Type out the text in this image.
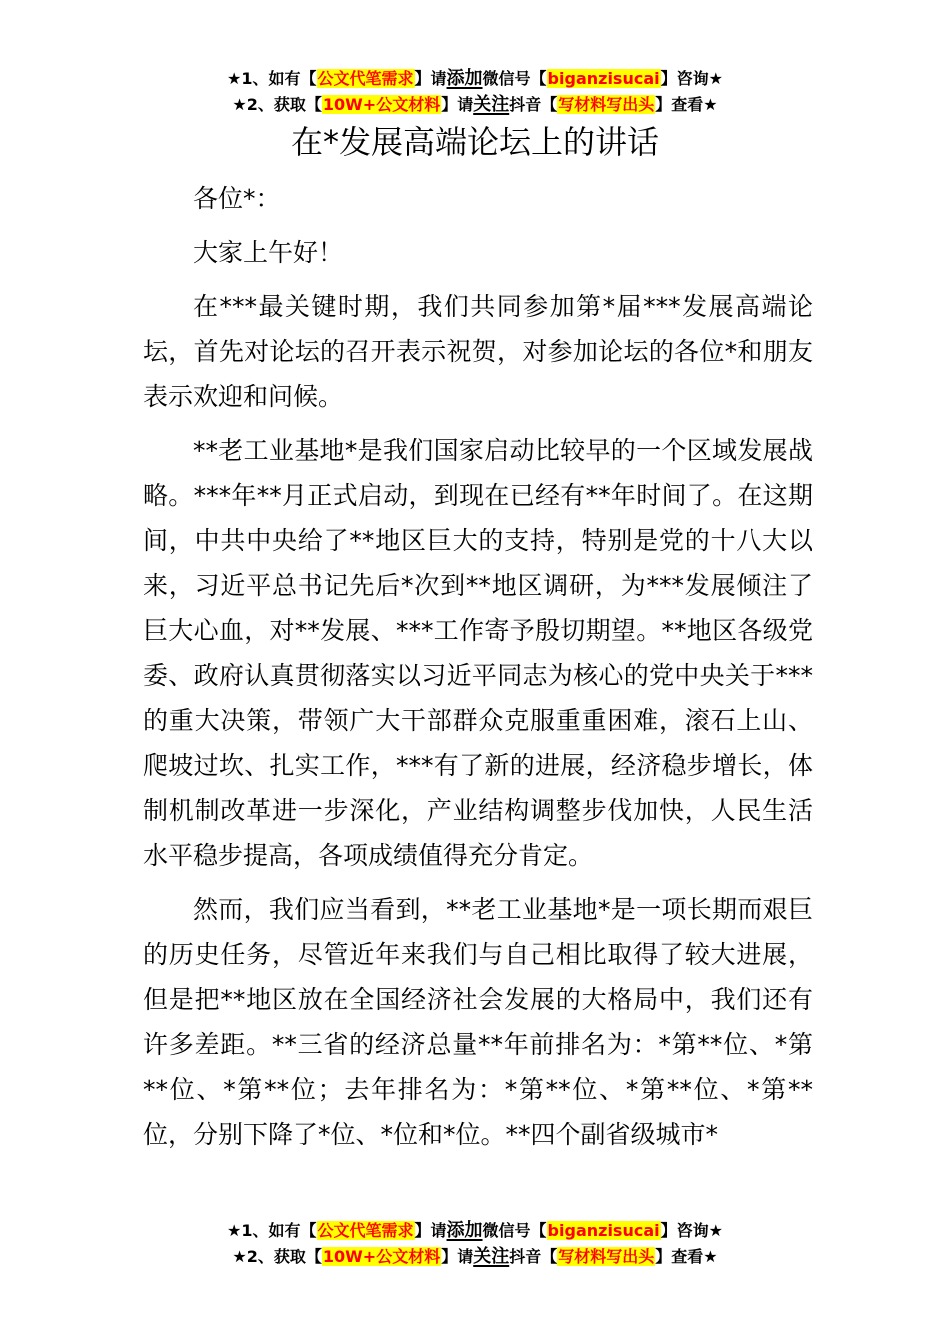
★1、如有【公文代笔需求】请添加微信号【biganzisucai】咨询★
★2、获取【10W+公文材料】请关注抖音【写材料写出头】查看★
在*发展高端论坛上的讲话

各位*：

大家上午好！

在***最关键时期，我们共同参加第*届***发展高端论坛，首先对论坛的召开表示祝贺，对参加论坛的各位*和朋友表示欢迎和问候。

**老工业基地*是我们国家启动比较早的一个区域发展战略。***年**月正式启动，到现在已经有**年时间了。在这期间，中共中央给了**地区巨大的支持，特别是党的十八大以来，习近平总书记先后*次到**地区调研，为***发展倾注了巨大心血，对**发展、***工作寄予殷切期望。**地区各级党委、政府认真贯彻落实以习近平同志为核心的党中央关于***的重大决策，带领广大干部群众克服重重困难，滚石上山、爬坡过坎、扎实工作，***有了新的进展，经济稳步增长，体制机制改革进一步深化，产业结构调整步伐加快，人民生活水平稳步提高，各项成绩值得充分肯定。

然而，我们应当看到，**老工业基地*是一项长期而艰巨的历史任务，尽管近年来我们与自己相比取得了较大进展，但是把**地区放在全国经济社会发展的大格局中，我们还有许多差距。**三省的经济总量**年前排名为：*第**位、*第**位、*第**位；去年排名为：*第**位、*第**位、*第**位，分别下降了*位、*位和*位。**四个副省级城市*

★1、如有【公文代笔需求】请添加微信号【biganzisucai】咨询★
★2、获取【10W+公文材料】请关注抖音【写材料写出头】查看★
